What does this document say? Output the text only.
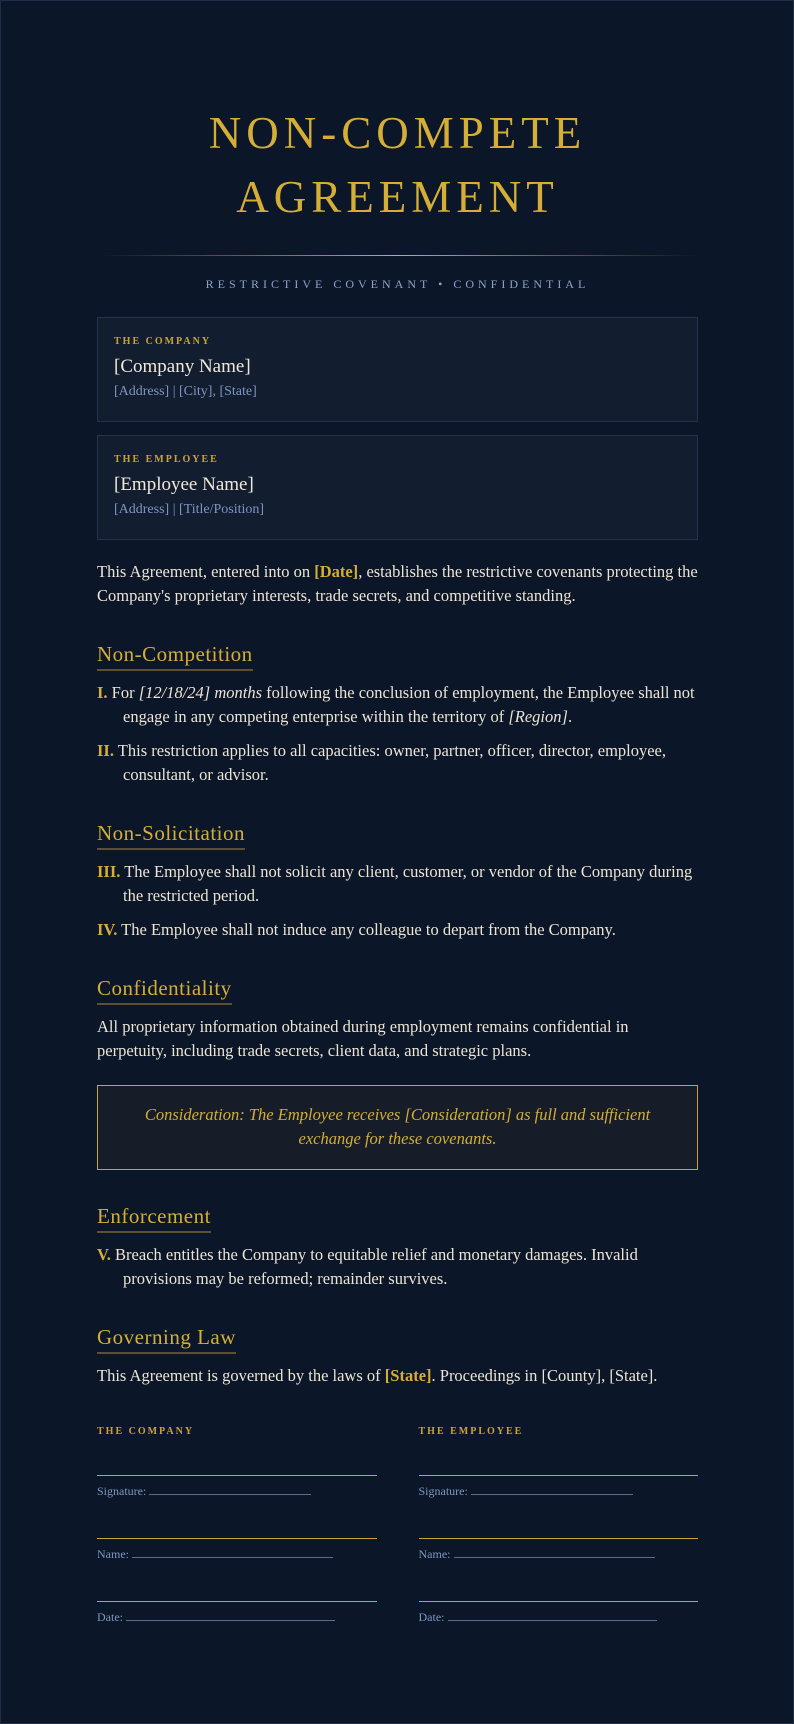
NON-COMPETE
AGREEMENT
RESTRICTIVE COVENANT • CONFIDENTIAL
THE COMPANY
[Company Name]
[Address] | [City], [State]
THE EMPLOYEE
[Employee Name]
[Address] | [Title/Position]

This Agreement, entered into on [Date], establishes the restrictive covenants protecting the Company's proprietary interests, trade secrets, and competitive standing.

Non-Competition

I. For [12/18/24] months following the conclusion of employment, the Employee shall not engage in any competing enterprise within the territory of [Region].

II. This restriction applies to all capacities: owner, partner, officer, director, employee, consultant, or advisor.

Non-Solicitation

III. The Employee shall not solicit any client, customer, or vendor of the Company during the restricted period.

IV. The Employee shall not induce any colleague to depart from the Company.

Confidentiality

All proprietary information obtained during employment remains confidential in perpetuity, including trade secrets, client data, and strategic plans.

Consideration: The Employee receives [Consideration] as full and sufficient exchange for these covenants.
Enforcement

V. Breach entitles the Company to equitable relief and monetary damages. Invalid provisions may be reformed; remainder survives.

Governing Law

This Agreement is governed by the laws of [State]. Proceedings in [County], [State].

THE COMPANY
Signature:
Name:
Date:
THE EMPLOYEE
Signature:
Name:
Date:
